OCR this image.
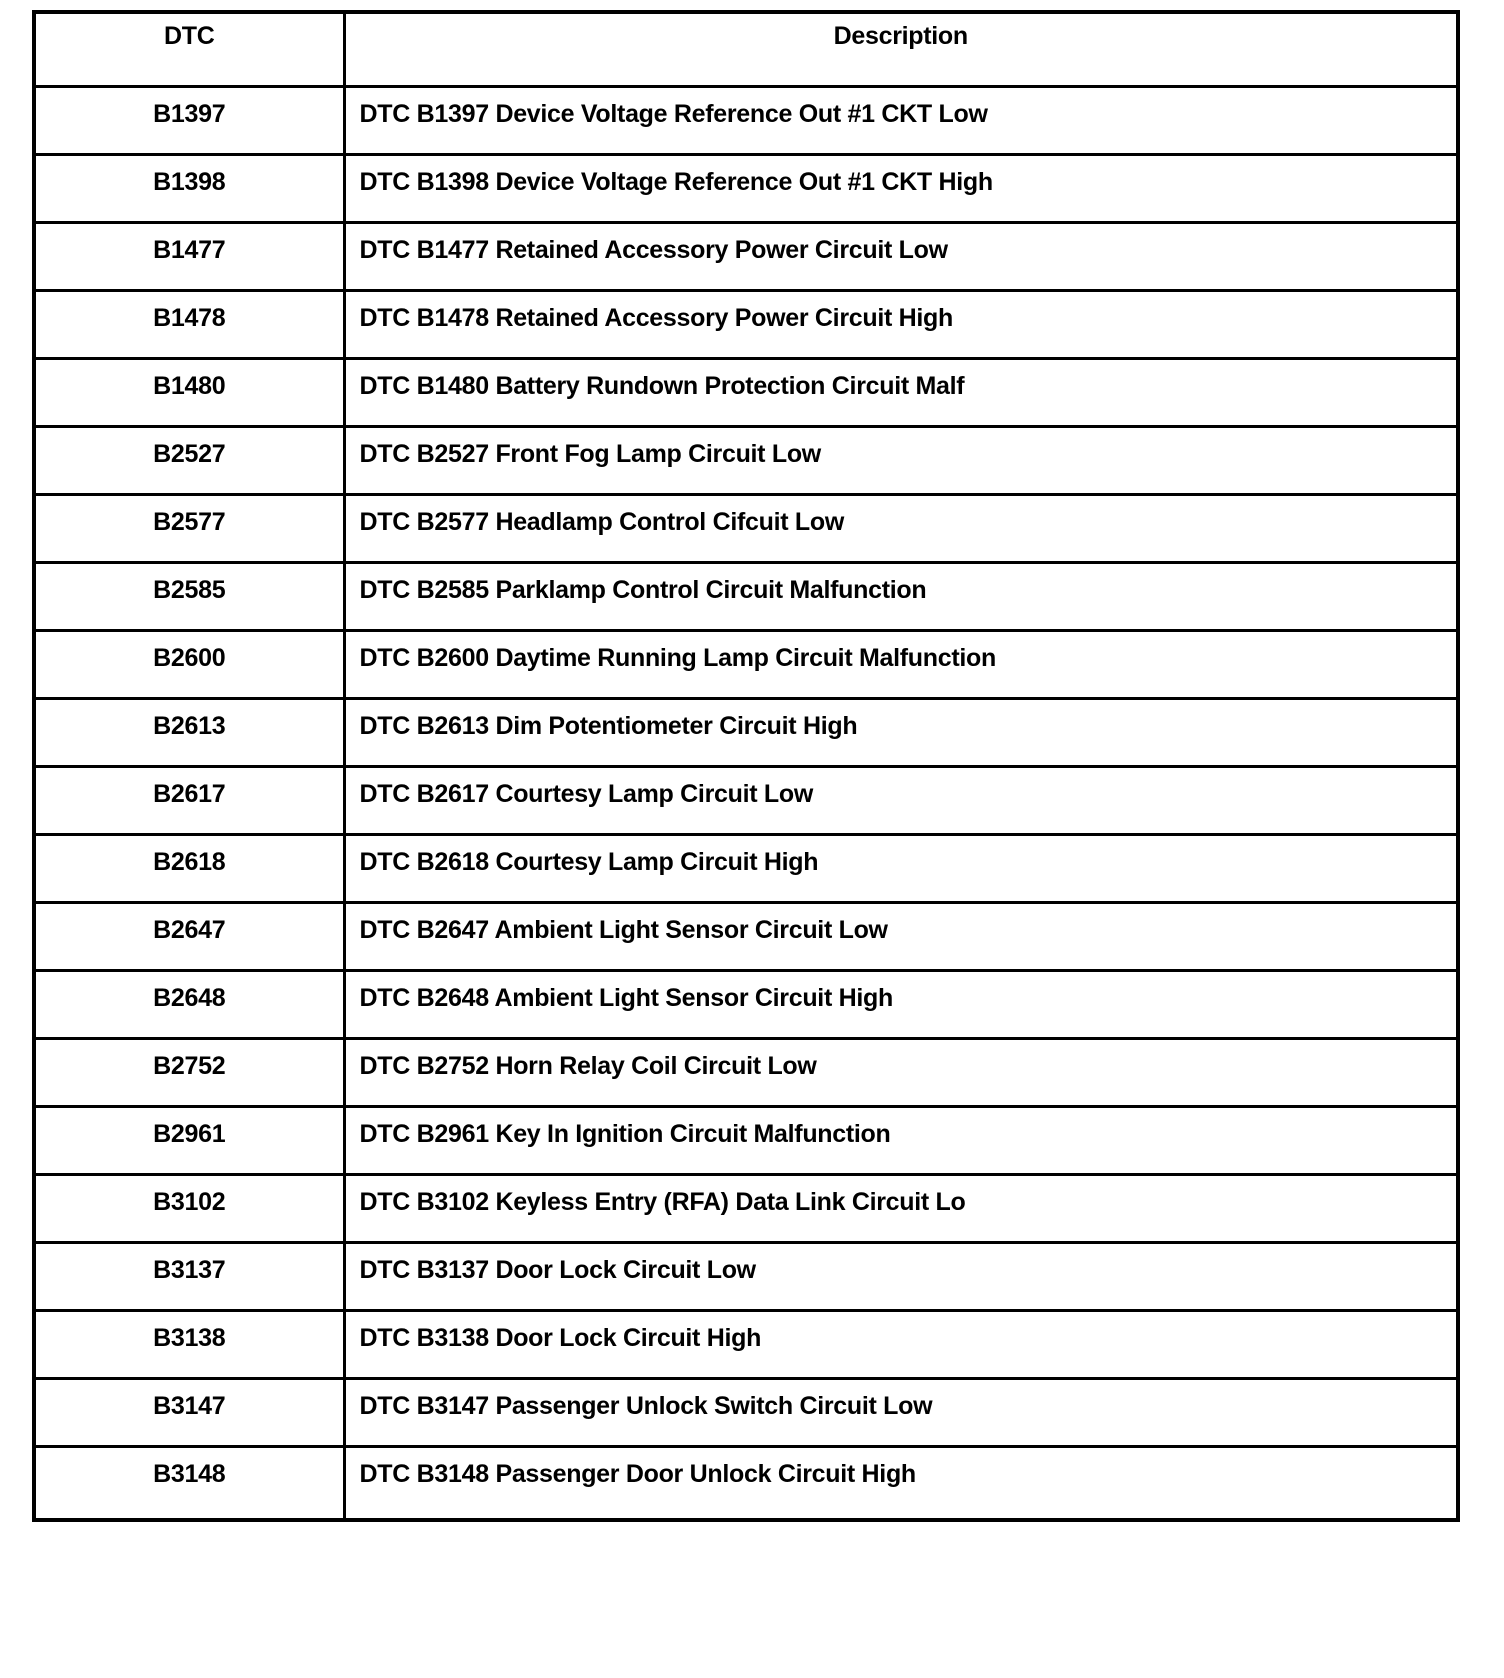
DTC	Description
B1397	DTC B1397 Device Voltage Reference Out #1 CKT Low
B1398	DTC B1398 Device Voltage Reference Out #1 CKT High
B1477	DTC B1477 Retained Accessory Power Circuit Low
B1478	DTC B1478 Retained Accessory Power Circuit High
B1480	DTC B1480 Battery Rundown Protection Circuit Malf
B2527	DTC B2527 Front Fog Lamp Circuit Low
B2577	DTC B2577 Headlamp Control Cifcuit Low
B2585	DTC B2585 Parklamp Control Circuit Malfunction
B2600	DTC B2600 Daytime Running Lamp Circuit Malfunction
B2613	DTC B2613 Dim Potentiometer Circuit High
B2617	DTC B2617 Courtesy Lamp Circuit Low
B2618	DTC B2618 Courtesy Lamp Circuit High
B2647	DTC B2647 Ambient Light Sensor Circuit Low
B2648	DTC B2648 Ambient Light Sensor Circuit High
B2752	DTC B2752 Horn Relay Coil Circuit Low
B2961	DTC B2961 Key In Ignition Circuit Malfunction
B3102	DTC B3102 Keyless Entry (RFA) Data Link Circuit Lo
B3137	DTC B3137 Door Lock Circuit Low
B3138	DTC B3138 Door Lock Circuit High
B3147	DTC B3147 Passenger Unlock Switch Circuit Low
B3148	DTC B3148 Passenger Door Unlock Circuit High
